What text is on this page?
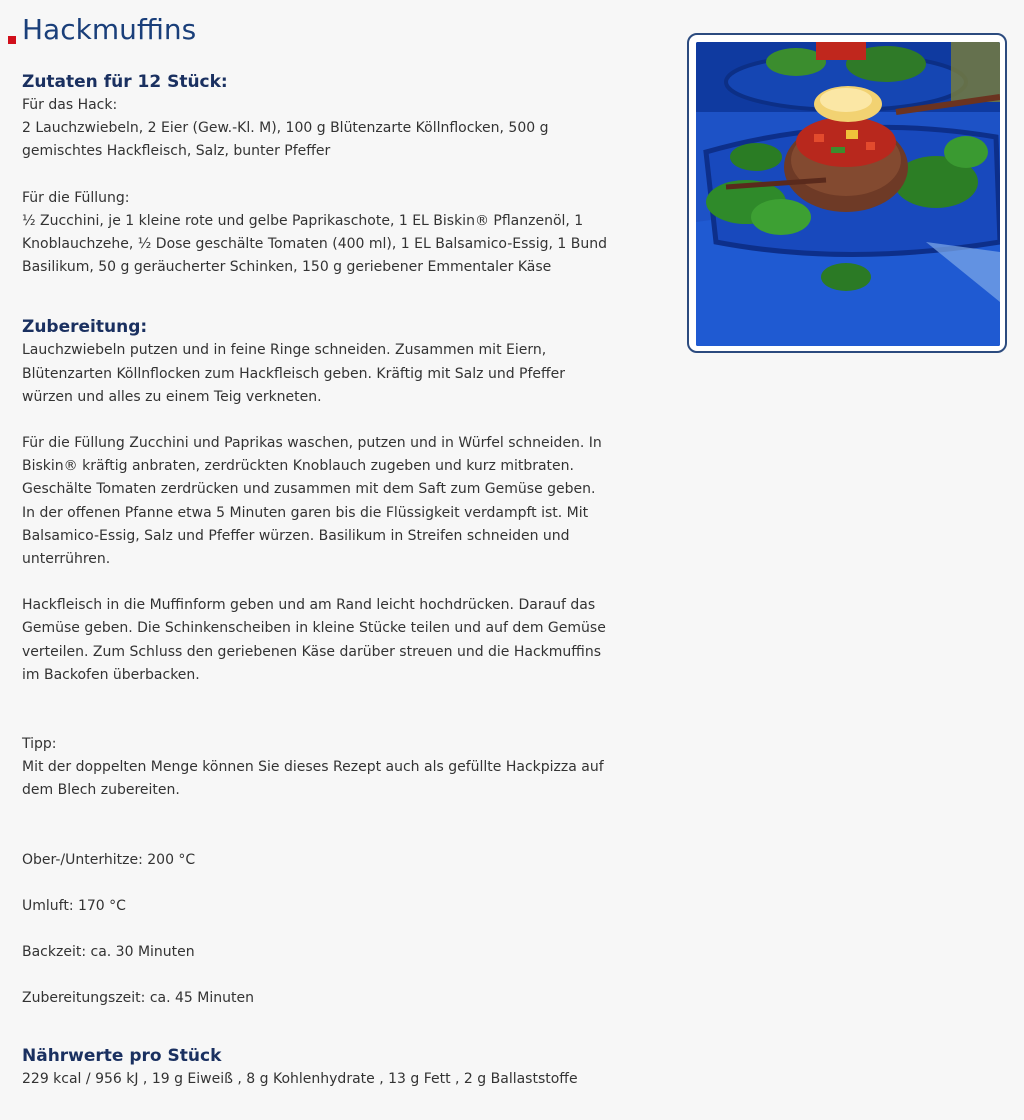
Hackmuffins
Zutaten für 12 Stück:

Für das Hack:

2 Lauchzwiebeln, 2 Eier (Gew.-Kl. M), 100 g Blütenzarte Köllnflocken, 500 g

gemischtes Hackfleisch, Salz, bunter Pfeffer

Für die Füllung:

½ Zucchini, je 1 kleine rote und gelbe Paprikaschote, 1 EL Biskin® Pflanzenöl, 1

Knoblauchzehe, ½ Dose geschälte Tomaten (400 ml), 1 EL Balsamico-Essig, 1 Bund

Basilikum, 50 g geräucherter Schinken, 150 g geriebener Emmentaler Käse

Zubereitung:

Lauchzwiebeln putzen und in feine Ringe schneiden. Zusammen mit Eiern,

Blütenzarten Köllnflocken zum Hackfleisch geben. Kräftig mit Salz und Pfeffer

würzen und alles zu einem Teig verkneten.

Für die Füllung Zucchini und Paprikas waschen, putzen und in Würfel schneiden. In

Biskin® kräftig anbraten, zerdrückten Knoblauch zugeben und kurz mitbraten.

Geschälte Tomaten zerdrücken und zusammen mit dem Saft zum Gemüse geben.

In der offenen Pfanne etwa 5 Minuten garen bis die Flüssigkeit verdampft ist. Mit

Balsamico-Essig, Salz und Pfeffer würzen. Basilikum in Streifen schneiden und

unterrühren.

Hackfleisch in die Muffinform geben und am Rand leicht hochdrücken. Darauf das

Gemüse geben. Die Schinkenscheiben in kleine Stücke teilen und auf dem Gemüse

verteilen. Zum Schluss den geriebenen Käse darüber streuen und die Hackmuffins

im Backofen überbacken.

Tipp:

Mit der doppelten Menge können Sie dieses Rezept auch als gefüllte Hackpizza auf

dem Blech zubereiten.

Ober-/Unterhitze: 200 °C

Umluft: 170 °C

Backzeit: ca. 30 Minuten

Zubereitungszeit: ca. 45 Minuten

Nährwerte pro Stück

229 kcal / 956 kJ , 19 g Eiweiß , 8 g Kohlenhydrate , 13 g Fett , 2 g Ballaststoffe
